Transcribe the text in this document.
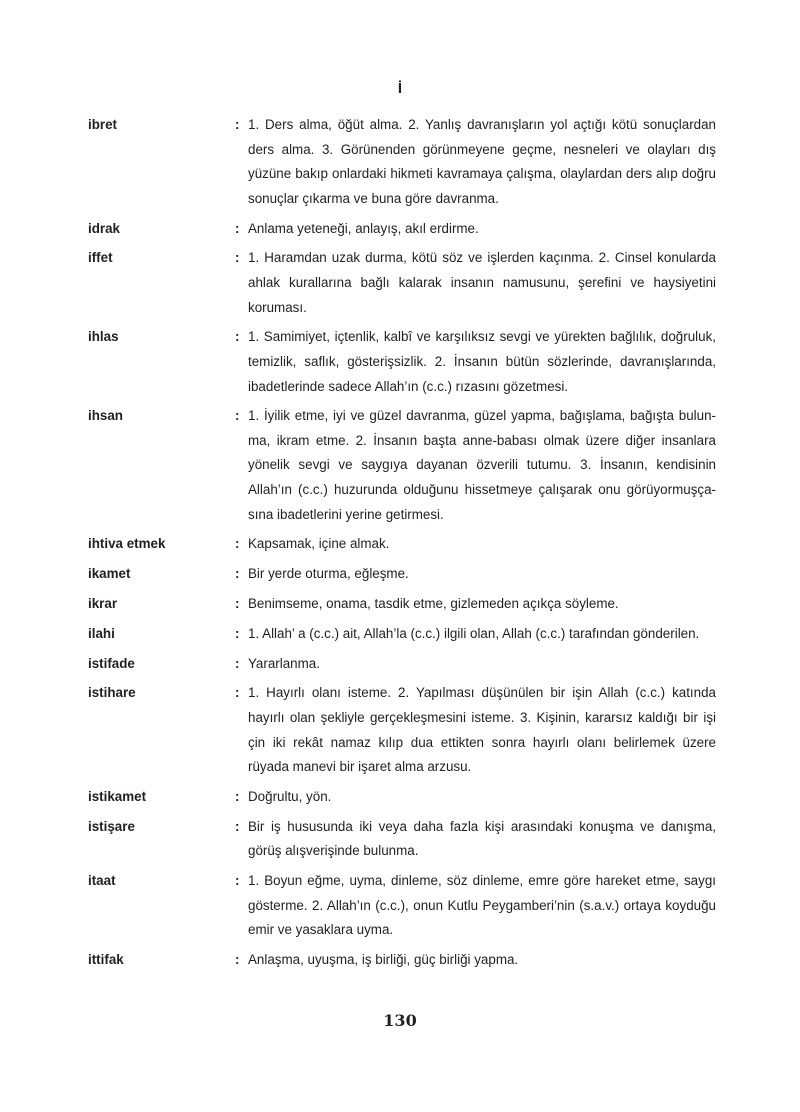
İ
ibret	: 1. Ders alma, öğüt alma. 2. Yanlış davranışların yol açtığı kötü sonuçlardan ders alma. 3. Görünenden görünmeyene geçme, nesneleri ve olayları dış yüzüne bakıp onlardaki hikmeti kavramaya çalışma, olaylardan ders alıp doğru sonuçlar çıkarma ve buna göre davranma.
idrak	: Anlama yeteneği, anlayış, akıl erdirme.
iffet	: 1. Haramdan uzak durma, kötü söz ve işlerden kaçınma. 2. Cinsel konularda ahlak kurallarına bağlı kalarak insanın namusunu, şerefini ve haysiyetini koruması.
ihlas	: 1. Samimiyet, içtenlik, kalbî ve karşılıksız sevgi ve yürekten bağlılık, doğruluk, temizlik, saflık, gösterişsizlik. 2. İnsanın bütün sözlerinde, davranışlarında, ibadetlerinde sadece Allah’ın (c.c.) rızasını gözetmesi.
ihsan	: 1. İyilik etme, iyi ve güzel davranma, güzel yapma, bağışlama, bağışta bulunma, ikram etme. 2. İnsanın başta anne-babası olmak üzere diğer insanlara yönelik sevgi ve saygıya dayanan özverili tutumu. 3. İnsanın, kendisinin Allah’ın (c.c.) huzurunda olduğunu hissetmeye çalışarak onu görüyormuşçasına ibadetlerini yerine getirmesi.
ihtiva etmek	: Kapsamak, içine almak.
ikamet	: Bir yerde oturma, eğleşme.
ikrar	: Benimseme, onama, tasdik etme, gizlemeden açıkça söyleme.
ilahi	: 1. Allah’ a (c.c.) ait, Allah’la (c.c.) ilgili olan, Allah (c.c.) tarafından gönderilen.
istifade	: Yararlanma.
istihare	: 1. Hayırlı olanı isteme. 2. Yapılması düşünülen bir işin Allah (c.c.) katında hayırlı olan şekliyle gerçekleşmesini isteme. 3. Kişinin, kararsız kaldığı bir işi çin iki rekât namaz kılıp dua ettikten sonra hayırlı olanı belirlemek üzere rüyada manevi bir işaret alma arzusu.
istikamet	: Doğrultu, yön.
istişare	: Bir iş hususunda iki veya daha fazla kişi arasındaki konuşma ve danışma, görüş alışverişinde bulunma.
itaat	: 1. Boyun eğme, uyma, dinleme, söz dinleme, emre göre hareket etme, saygı gösterme. 2. Allah’ın (c.c.), onun Kutlu Peygamberi’nin (s.a.v.) ortaya koyduğu emir ve yasaklara uyma.
ittifak	: Anlaşma, uyuşma, iş birliği, güç birliği yapma.
130
